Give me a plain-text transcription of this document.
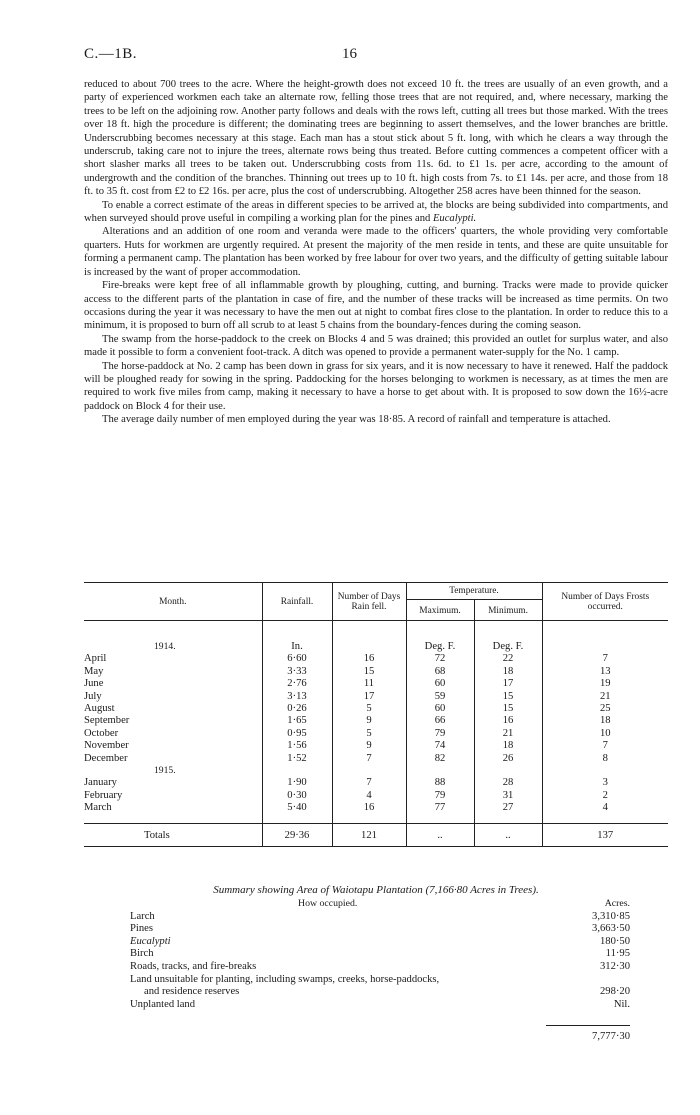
C.—1B.	16

reduced to about 700 trees to the acre. Where the height-growth does not exceed 10 ft. the trees are usually of an even growth, and a party of experienced workmen each take an alternate row, felling those trees that are not required, and, where necessary, marking the trees to be left on the adjoining row. Another party follows and deals with the rows left, cutting all trees but those marked. With the trees over 18 ft. high the procedure is different; the dominating trees are beginning to assert themselves, and the lower branches are brittle. Underscrubbing becomes necessary at this stage. Each man has a stout stick about 5 ft. long, with which he clears a way through the underscrub, taking care not to injure the trees, alternate rows being thus treated. Before cutting commences a competent officer with a short slasher marks all trees to be taken out. Underscrubbing costs from 11s. 6d. to £1 1s. per acre, according to the amount of undergrowth and the condition of the branches. Thinning out trees up to 10 ft. high costs from 7s. to £1 14s. per acre, and those from 18 ft. to 35 ft. cost from £2 to £2 16s. per acre, plus the cost of underscrubbing. Altogether 258 acres have been thinned for the season.

To enable a correct estimate of the areas in different species to be arrived at, the blocks are being subdivided into compartments, and when surveyed should prove useful in compiling a working plan for the pines and Eucalypti.

Alterations and an addition of one room and veranda were made to the officers' quarters, the whole providing very comfortable quarters. Huts for workmen are urgently required. At present the majority of the men reside in tents, and these are quite unsuitable for forming a permanent camp. The plantation has been worked by free labour for over two years, and the difficulty of getting suitable labour is increased by the want of proper accommodation.

Fire-breaks were kept free of all inflammable growth by ploughing, cutting, and burning. Tracks were made to provide quicker access to the different parts of the plantation in case of fire, and the number of these tracks will be increased as time permits. On two occasions during the year it was necessary to have the men out at night to combat fires close to the plantation. In order to reduce this to a minimum, it is proposed to burn off all scrub to at least 5 chains from the boundary-fences during the coming season.

The swamp from the horse-paddock to the creek on Blocks 4 and 5 was drained; this provided an outlet for surplus water, and also made it possible to form a convenient foot-track. A ditch was opened to provide a permanent water-supply for the No. 1 camp.

The horse-paddock at No. 2 camp has been down in grass for six years, and it is now necessary to have it renewed. Half the paddock will be ploughed ready for sowing in the spring. Paddocking for the horses belonging to workmen is necessary, as at times the men are required to work five miles from camp, making it necessary to have a horse to get about with. It is proposed to sow down the 16½-acre paddock on Block 4 for their use.

The average daily number of men employed during the year was 18·85. A record of rainfall and temperature is attached.

Month.	Rainfall.	Number of Days Rain fell.	Temperature.		Number of Days Frosts occurred.
			Maximum.	Minimum.	
1914.	In.		Deg. F.	Deg. F.	
April	6·60	16	72	22	7
May	3·33	15	68	18	13
June	2·76	11	60	17	19
July	3·13	17	59	15	21
August	0·26	5	60	15	25
September	1·65	9	66	16	18
October	0·95	5	79	21	10
November	1·56	9	74	18	7
December	1·52	7	82	26	8
1915.					
January	1·90	7	88	28	3
February	0·30	4	79	31	2
March	5·40	16	77	27	4

Totals	29·36	121	..	..	137
Summary showing Area of Waiotapu Plantation (7,166·80 Acres in Trees).
How occupied.	Acres.
Larch	3,310·85
Pines	3,663·50
Eucalypti	180·50
Birch	11·95
Roads, tracks, and fire-breaks	312·30
Land unsuitable for planting, including swamps, creeks, horse-paddocks,
and residence reserves	298·20
Unplanted land	Nil.
7,777·30
